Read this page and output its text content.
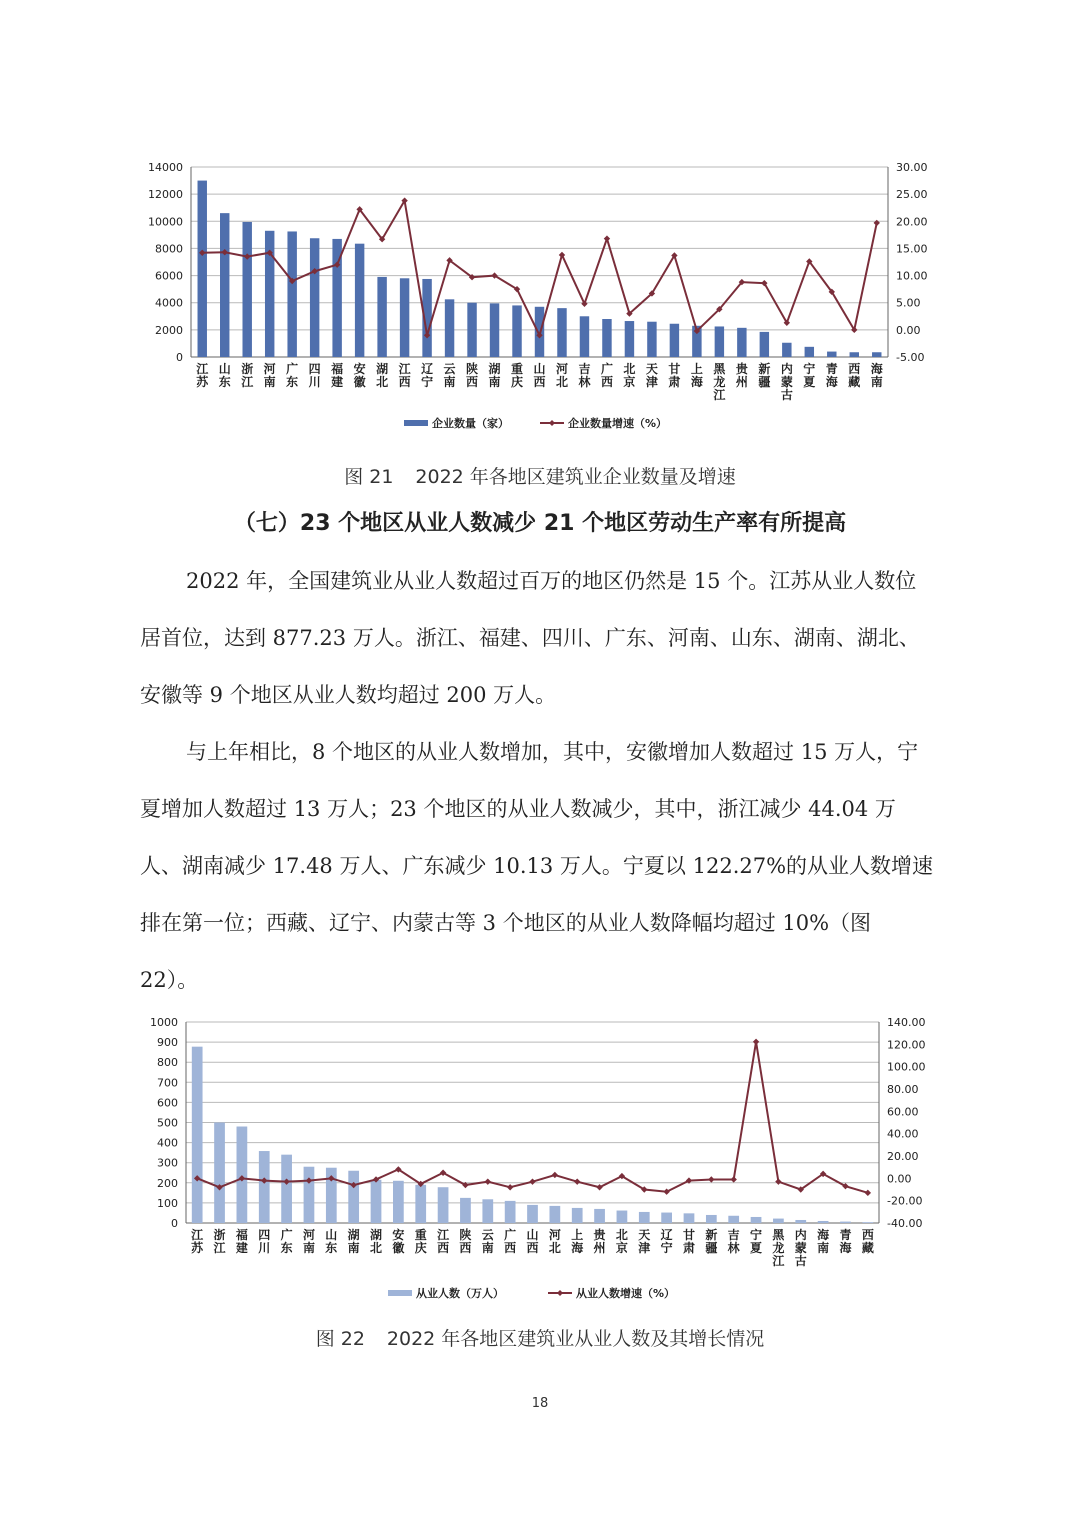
0
2000
4000
6000
8000
10000
12000
14000
-5.00
0.00
5.00
10.00
15.00
20.00
25.00
30.00
江苏
山东
浙江
河南
广东
四川
福建
安徽
湖北
江西
辽宁
云南
陕西
湖南
重庆
山西
河北
吉林
广西
北京
天津
甘肃
上海
黑龙江
贵州
新疆
内蒙古
宁夏
青海
西藏
海南
企业数量（家）	企业数量增速（%）
图 21 2022 年各地区建筑业企业数量及增速
（七）23 个地区从业人数减少 21 个地区劳动生产率有所提高

2022 年，全国建筑业从业人数超过百万的地区仍然是 15 个。江苏从业人数位居首位，达到 877.23 万人。浙江、福建、四川、广东、河南、山东、湖南、湖北、安徽等 9 个地区从业人数均超过 200 万人。

与上年相比，8 个地区的从业人数增加，其中，安徽增加人数超过 15 万人，宁夏增加人数超过 13 万人；23 个地区的从业人数减少，其中，浙江减少 44.04 万人、湖南减少 17.48 万人、广东减少 10.13 万人。宁夏以 122.27%的从业人数增速排在第一位；西藏、辽宁、内蒙古等 3 个地区的从业人数降幅均超过 10%（图 22）。

0
100
200
300
400
500
600
700
800
900
1000
-40.00
-20.00
0.00
20.00
40.00
60.00
80.00
100.00
120.00
140.00
江苏
浙江
福建
四川
广东
河南
山东
湖南
湖北
安徽
重庆
江西
陕西
云南
广西
山西
河北
上海
贵州
北京
天津
辽宁
甘肃
新疆
吉林
宁夏
黑龙江
内蒙古
海南
青海
西藏
从业人数（万人）	从业人数增速（%）
图 22 2022 年各地区建筑业从业人数及其增长情况
18
